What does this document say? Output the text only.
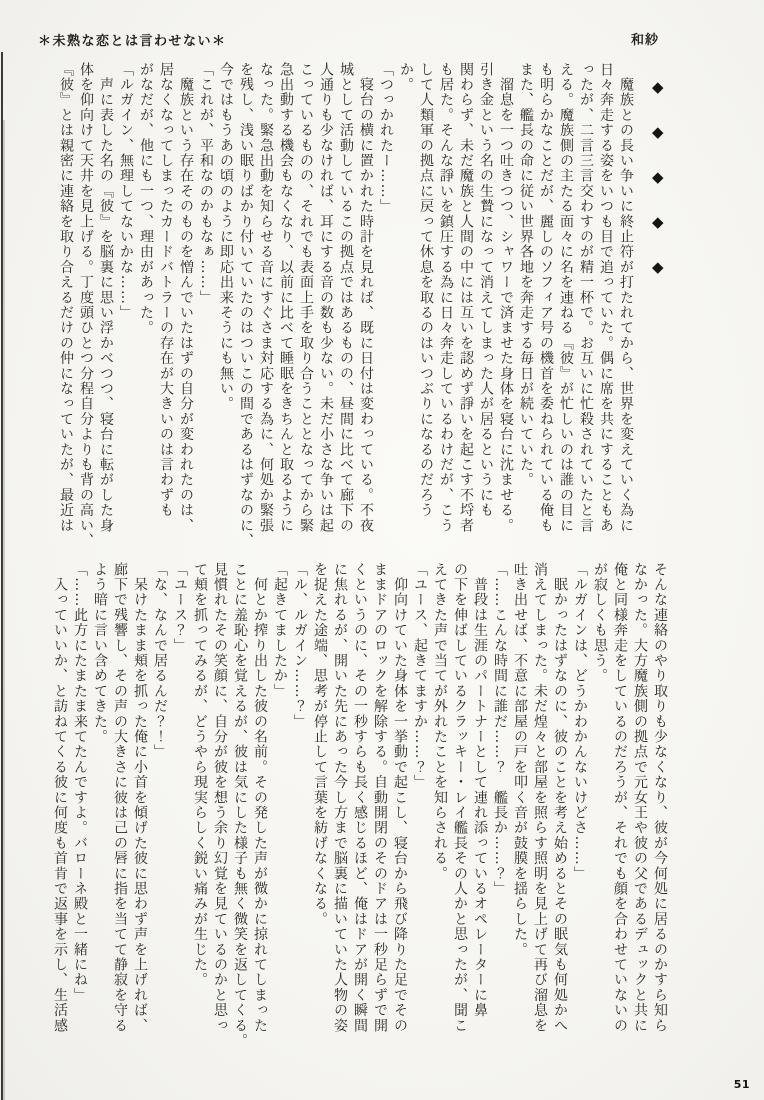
＊未熟な恋とは言わせない＊	和紗
◆
◆
◆
◆
◆
　魔族との長い争いに終止符が打たれてから、世界を変えていく為に
日々奔走する姿をいつも目で追っていた。偶に席を共にすることもあ
ったが、二言三言交わすのが精一杯で。お互いに忙殺されていたと言
える。魔族側の主たる面々に名を連ねる『彼』が忙しいのは誰の目に
も明らかなことだが、麗しのソフィア号の機首を委ねられている俺も
また、艦長の命に従い世界各地を奔走する毎日が続いていた。
　溜息を一つ吐きつつ、シャワーで済ませた身体を寝台に沈ませる。
引き金という名の生贄になって消えてしまった人が居るというにも
関わらず、未だ魔族と人間の中には互いを認めず諍いを起こす不埒者
も居た。そんな諍いを鎮圧する為に日々奔走しているわけだが、こう
して人類軍の拠点に戻って休息を取るのはいつぶりになるのだろう
か。
「つっかれたー……」
　寝台の横に置かれた時計を見れば、既に日付は変わっている。不夜
城として活動しているこの拠点ではあるものの、昼間に比べて廊下の
人通りも少なければ、耳にする音の数も少ない。未だ小さな争いは起
こっているものの、それでも表面上手を取り合うこととなってから緊
急出動する機会もなくなり、以前に比べて睡眠をきちんと取るように
なった。緊急出動を知らせる音にすぐさま対応する為に、何処か緊張
を残し、浅い眠りばかり付いていたのはついこの間であるはずなのに、
今ではもうあの頃のように即応出来そうにも無い。
「これが、平和なのかもなぁ……」
　魔族という存在そのものを憎んでいたはずの自分が変われたのは、
居なくなってしまったカードバトラーの存在が大きいのは言わずも
がなだが、他にも一つ、理由があった。
「ルガイン、無理してないかな……」
　声に表した名の『彼』を脳裏に思い浮かべつつ、寝台に転がした身
体を仰向けて天井を見上げる。丁度頭ひとつ分程自分よりも背の高い、
『彼』とは親密に連絡を取り合えるだけの仲になっていたが、最近は
そんな連絡のやり取りも少なくなり、彼が今何処に居るのかすら知ら
なかった。大方魔族側の拠点で元女王や彼の父であるデュックと共に
俺と同様奔走をしているのだろうが、それでも顔を合わせていないの
が寂しくも思う。
「ルガインは、どうかわかんないけどさ……」
　眠かったはずなのに、彼のことを考え始めるとその眠気も何処かへ
消えてしまった。未だ煌々と部屋を照らす照明を見上げて再び溜息を
吐き出せば、不意に部屋の戸を叩く音が鼓膜を揺らした。
「……こんな時間に誰だ……？　艦長か……？」
　普段は生涯のパートナーとして連れ添っているオペレーターに鼻
の下を伸ばしているクラッキー・レイ艦長その人かと思ったが、聞こ
えてきた声で当てが外れたことを知らされる。
「ユース、起きてますか……？」
　仰向けていた身体を一挙動で起こし、寝台から飛び降りた足でその
ままドアのロックを解除する。自動開閉のそのドアは一秒足らずで開
くというのに、その一秒すらも長く感じるほど、俺はドアが開く瞬間
に焦れるが、開いた先にあった今し方まで脳裏に描いていた人物の姿
を捉えた途端、思考が停止して言葉を紡げなくなる。
「ル、ルガイン……？」
「起きてましたか」
　何とか搾り出した彼の名前。その発した声が微かに掠れてしまった
ことに羞恥心を覚えるが、彼は気にした様子も無く微笑を返してくる。
見慣れたその笑顔に、自分が彼を想う余り幻覚を見ているのかと思っ
て頬を抓ってみるが、どうやら現実らしく鋭い痛みが生じた。
「ユース？」
「な、なんで居るんだ？！」
　呆けたまま頬を抓った俺に小首を傾げた彼に思わず声を上げれば、
廊下で残響し、その声の大きさに彼は己の唇に指を当てて静寂を守る
よう暗に言い含めてきた。
「……此方にたまたま来てたんですよ。バローネ殿と一緒にね」
　入っていいか、と訪ねてくる彼に何度も首肯で返事を示し、生活感
51
